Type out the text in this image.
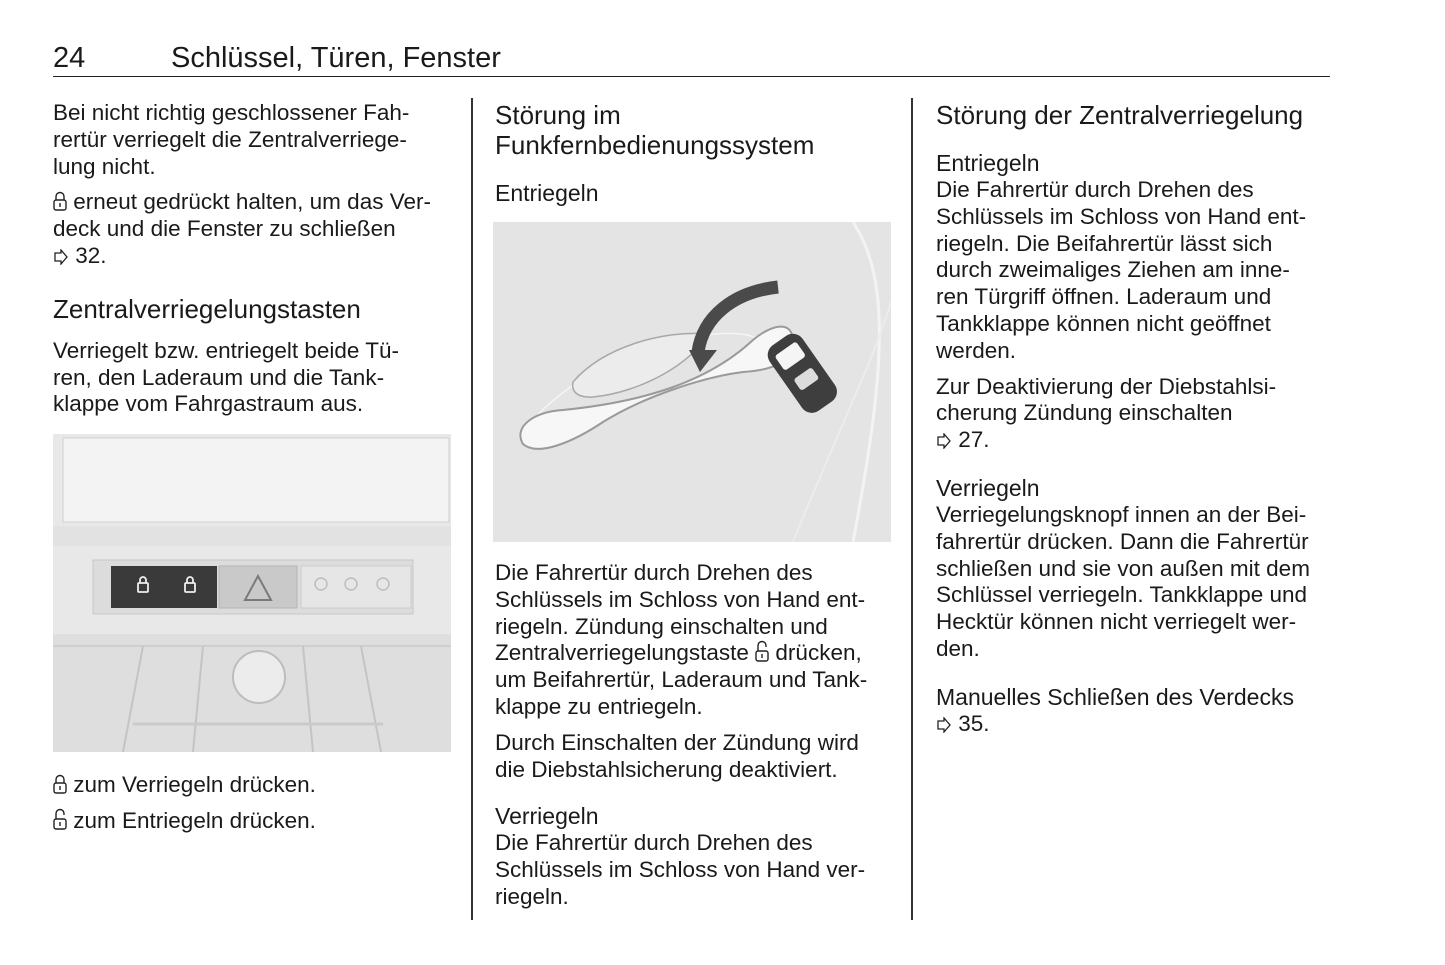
24	Schlüssel, Türen, Fenster

Bei nicht richtig geschlossener Fah-
rertür verriegelt die Zentralverriege-
lung nicht.

erneut gedrückt halten, um das Ver-
deck und die Fenster zu schließen
32.

Zentralverriegelungstasten

Verriegelt bzw. entriegelt beide Tü-
ren, den Laderaum und die Tank-
klappe vom Fahrgastraum aus.

zum Verriegeln drücken.

zum Entriegeln drücken.

Störung im
Funkfernbedienungssystem
Entriegeln

Die Fahrertür durch Drehen des
Schlüssels im Schloss von Hand ent-
riegeln. Zündung einschalten und
Zentralverriegelungstaste drücken,
um Beifahrertür, Laderaum und Tank-
klappe zu entriegeln.

Durch Einschalten der Zündung wird
die Diebstahlsicherung deaktiviert.

Verriegeln

Die Fahrertür durch Drehen des
Schlüssels im Schloss von Hand ver-
riegeln.

Störung der Zentralverriegelung
Entriegeln

Die Fahrertür durch Drehen des
Schlüssels im Schloss von Hand ent-
riegeln. Die Beifahrertür lässt sich
durch zweimaliges Ziehen am inne-
ren Türgriff öffnen. Laderaum und
Tankklappe können nicht geöffnet
werden.

Zur Deaktivierung der Diebstahlsi-
cherung Zündung einschalten
27.

Verriegeln

Verriegelungsknopf innen an der Bei-
fahrertür drücken. Dann die Fahrertür
schließen und sie von außen mit dem
Schlüssel verriegeln. Tankklappe und
Hecktür können nicht verriegelt wer-
den.

Manuelles Schließen des Verdecks

35.
